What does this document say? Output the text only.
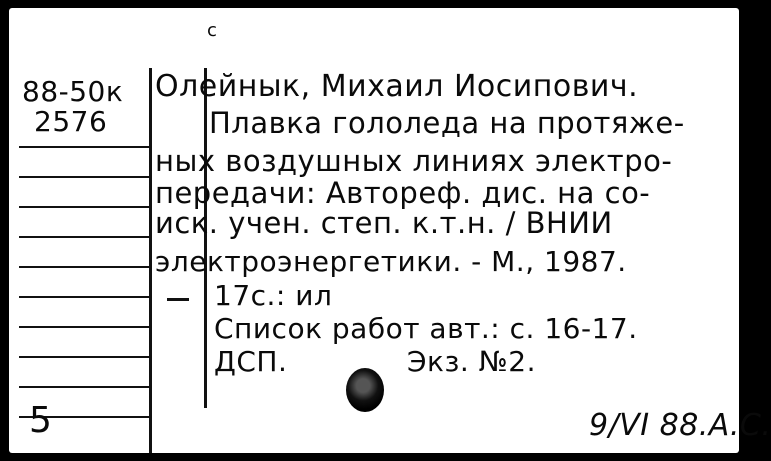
88-50к
2576
с
Олейнык, Михаил Иосипович.
Плавка гололеда на протяже-
ных воздушных линиях электро-
передачи: Автореф. дис. на со-
иск. учен. степ. к.т.н. / ВНИИ
электроэнергетики. - М., 1987.
17с.: ил
Список работ авт.: с. 16-17.
ДСП.	Экз. №2.
5	9/VI 88.А.С.
